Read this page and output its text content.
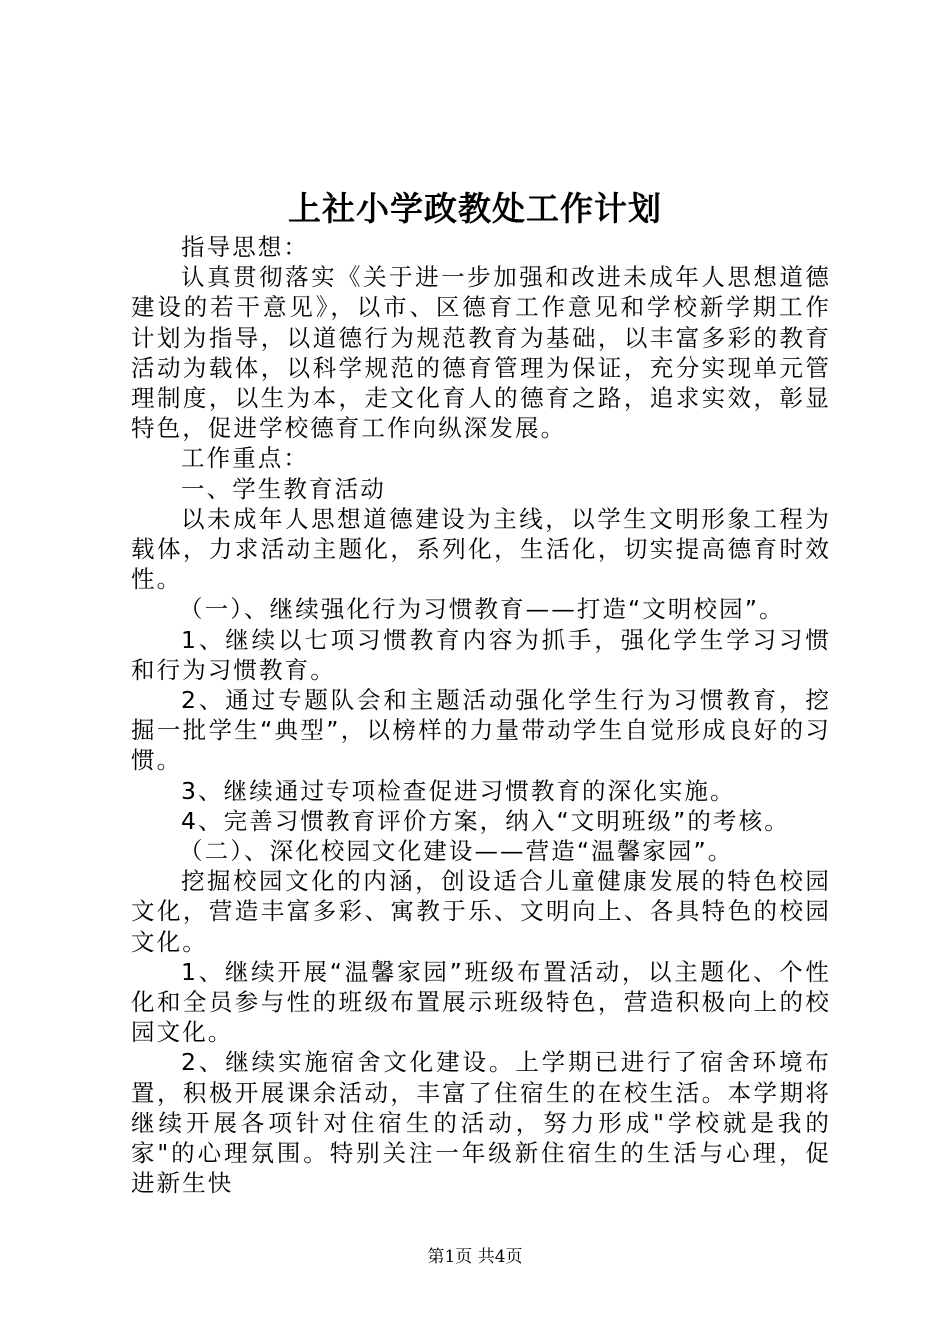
上社小学政教处工作计划

指导思想：

认真贯彻落实《关于进一步加强和改进未成年人思想道德建设的若干意见》，以市、区德育工作意见和学校新学期工作计划为指导，以道德行为规范教育为基础，以丰富多彩的教育活动为载体，以科学规范的德育管理为保证，充分实现单元管理制度，以生为本，走文化育人的德育之路，追求实效，彰显特色，促进学校德育工作向纵深发展。

工作重点：

一、学生教育活动

以未成年人思想道德建设为主线，以学生文明形象工程为载体，力求活动主题化，系列化，生活化，切实提高德育时效性。

（一）、继续强化行为习惯教育——打造“文明校园”。

1、继续以七项习惯教育内容为抓手，强化学生学习习惯和行为习惯教育。

2、通过专题队会和主题活动强化学生行为习惯教育，挖掘一批学生“典型”，以榜样的力量带动学生自觉形成良好的习惯。

3、继续通过专项检查促进习惯教育的深化实施。

4、完善习惯教育评价方案，纳入“文明班级”的考核。

（二）、深化校园文化建设——营造“温馨家园”。

挖掘校园文化的内涵，创设适合儿童健康发展的特色校园文化，营造丰富多彩、寓教于乐、文明向上、各具特色的校园文化。

1、继续开展“温馨家园”班级布置活动，以主题化、个性化和全员参与性的班级布置展示班级特色，营造积极向上的校园文化。

2、继续实施宿舍文化建设。上学期已进行了宿舍环境布置，积极开展课余活动，丰富了住宿生的在校生活。本学期将继续开展各项针对住宿生的活动，努力形成"学校就是我的家"的心理氛围。特别关注一年级新住宿生的生活与心理，促进新生快

第1页 共4页
